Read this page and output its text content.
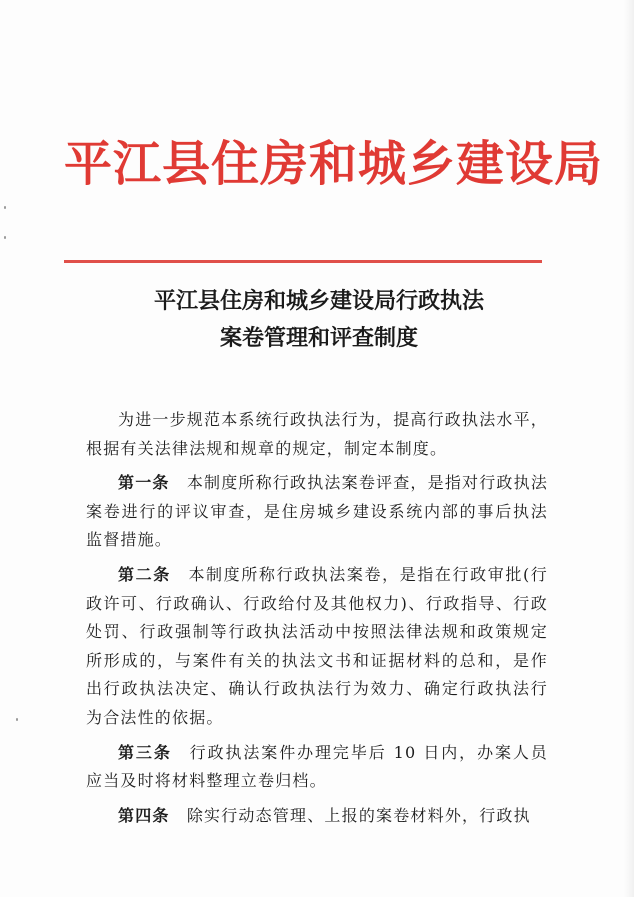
平江县住房和城乡建设局
平江县住房和城乡建设局行政执法
案卷管理和评查制度

为进一步规范本系统行政执法行为，提高行政执法水平，根据有关法律法规和规章的规定，制定本制度。

第一条　 本制度所称行政执法案卷评查，是指对行政执法案卷进行的评议审查，是住房城乡建设系统内部的事后执法监督措施。

第二条　 本制度所称行政执法案卷，是指在行政审批(行政许可、行政确认、行政给付及其他权力)、行政指导、行政处罚、行政强制等行政执法活动中按照法律法规和政策规定所形成的，与案件有关的执法文书和证据材料的总和，是作出行政执法决定、确认行政执法行为效力、确定行政执法行为合法性的依据。

第三条　 行政执法案件办理完毕后 10 日内，办案人员应当及时将材料整理立卷归档。

第四条　 除实行动态管理、上报的案卷材料外，行政执
